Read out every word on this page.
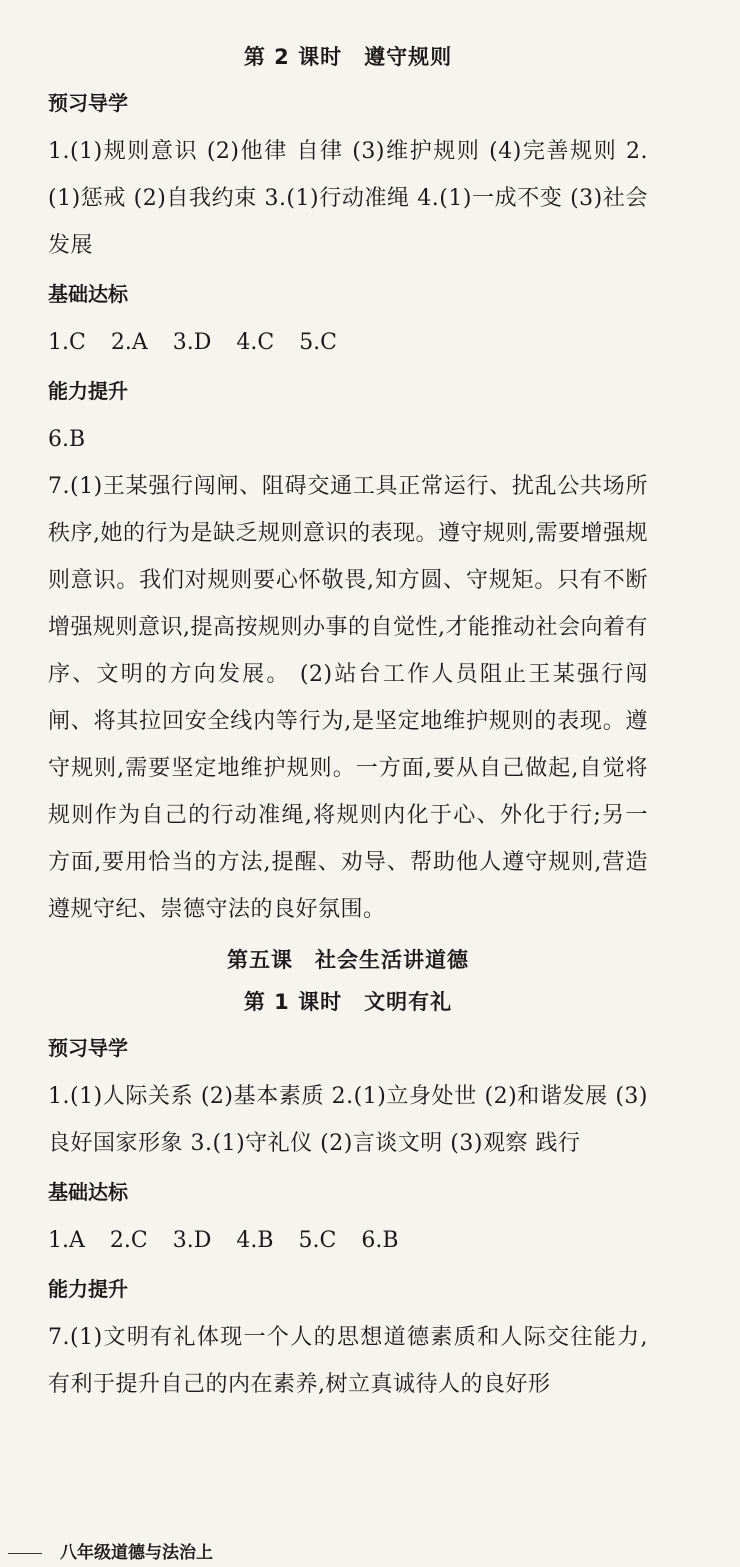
第 2 课时 遵守规则
预习导学

1.(1)规则意识 (2)他律 自律 (3)维护规则 (4)完善规则 2.(1)惩戒 (2)自我约束 3.(1)行动准绳 4.(1)一成不变 (3)社会发展

基础达标
1.C 2.A 3.D 4.C 5.C
能力提升
6.B

7.(1)王某强行闯闸、阻碍交通工具正常运行、扰乱公共场所秩序,她的行为是缺乏规则意识的表现。遵守规则,需要增强规则意识。我们对规则要心怀敬畏,知方圆、守规矩。只有不断增强规则意识,提高按规则办事的自觉性,才能推动社会向着有序、文明的方向发展。 (2)站台工作人员阻止王某强行闯闸、将其拉回安全线内等行为,是坚定地维护规则的表现。遵守规则,需要坚定地维护规则。一方面,要从自己做起,自觉将规则作为自己的行动准绳,将规则内化于心、外化于行;另一方面,要用恰当的方法,提醒、劝导、帮助他人遵守规则,营造遵规守纪、崇德守法的良好氛围。

第五课 社会生活讲道德
第 1 课时 文明有礼
预习导学

1.(1)人际关系 (2)基本素质 2.(1)立身处世 (2)和谐发展 (3)良好国家形象 3.(1)守礼仪 (2)言谈文明 (3)观察 践行

基础达标
1.A 2.C 3.D 4.B 5.C 6.B
能力提升

7.(1)文明有礼体现一个人的思想道德素质和人际交往能力,有利于提升自己的内在素养,树立真诚待人的良好形

八年级道德与法治上
